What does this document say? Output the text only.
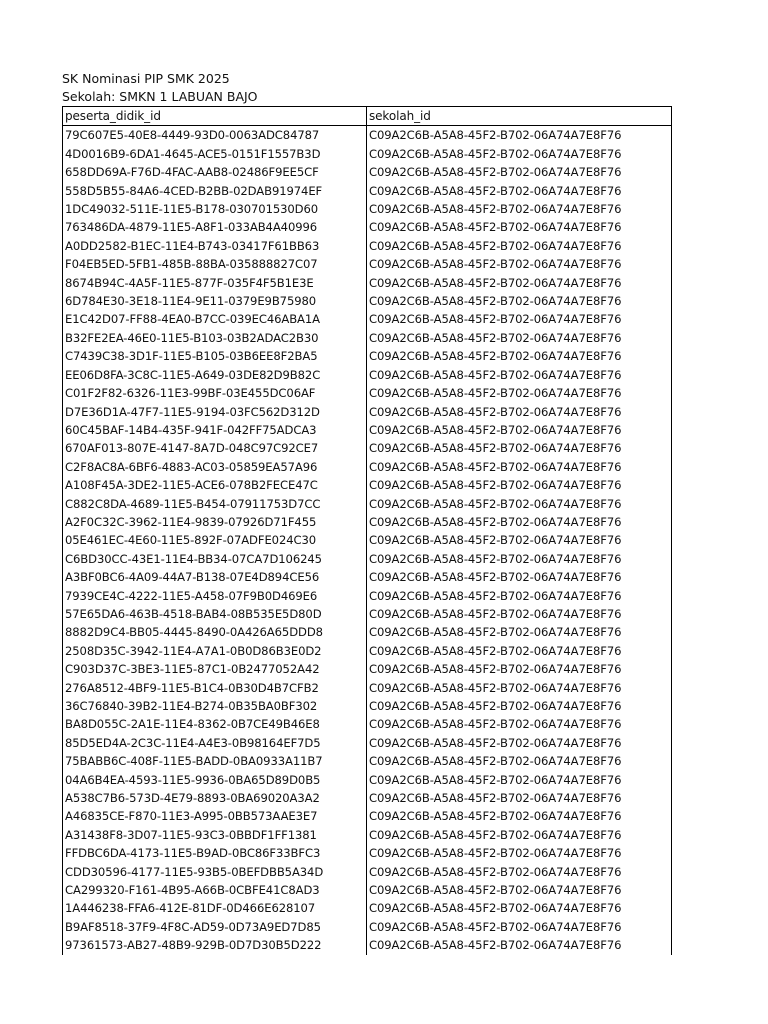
SK Nominasi PIP SMK 2025
Sekolah: SMKN 1 LABUAN BAJO
peserta_didik_id	sekolah_id
79C607E5-40E8-4449-93D0-0063ADC84787	C09A2C6B-A5A8-45F2-B702-06A74A7E8F76
4D0016B9-6DA1-4645-ACE5-0151F1557B3D	C09A2C6B-A5A8-45F2-B702-06A74A7E8F76
658DD69A-F76D-4FAC-AAB8-02486F9EE5CF	C09A2C6B-A5A8-45F2-B702-06A74A7E8F76
558D5B55-84A6-4CED-B2BB-02DAB91974EF	C09A2C6B-A5A8-45F2-B702-06A74A7E8F76
1DC49032-511E-11E5-B178-030701530D60	C09A2C6B-A5A8-45F2-B702-06A74A7E8F76
763486DA-4879-11E5-A8F1-033AB4A40996	C09A2C6B-A5A8-45F2-B702-06A74A7E8F76
A0DD2582-B1EC-11E4-B743-03417F61BB63	C09A2C6B-A5A8-45F2-B702-06A74A7E8F76
F04EB5ED-5FB1-485B-88BA-035888827C07	C09A2C6B-A5A8-45F2-B702-06A74A7E8F76
8674B94C-4A5F-11E5-877F-035F4F5B1E3E	C09A2C6B-A5A8-45F2-B702-06A74A7E8F76
6D784E30-3E18-11E4-9E11-0379E9B75980	C09A2C6B-A5A8-45F2-B702-06A74A7E8F76
E1C42D07-FF88-4EA0-B7CC-039EC46ABA1A	C09A2C6B-A5A8-45F2-B702-06A74A7E8F76
B32FE2EA-46E0-11E5-B103-03B2ADAC2B30	C09A2C6B-A5A8-45F2-B702-06A74A7E8F76
C7439C38-3D1F-11E5-B105-03B6EE8F2BA5	C09A2C6B-A5A8-45F2-B702-06A74A7E8F76
EE06D8FA-3C8C-11E5-A649-03DE82D9B82C	C09A2C6B-A5A8-45F2-B702-06A74A7E8F76
C01F2F82-6326-11E3-99BF-03E455DC06AF	C09A2C6B-A5A8-45F2-B702-06A74A7E8F76
D7E36D1A-47F7-11E5-9194-03FC562D312D	C09A2C6B-A5A8-45F2-B702-06A74A7E8F76
60C45BAF-14B4-435F-941F-042FF75ADCA3	C09A2C6B-A5A8-45F2-B702-06A74A7E8F76
670AF013-807E-4147-8A7D-048C97C92CE7	C09A2C6B-A5A8-45F2-B702-06A74A7E8F76
C2F8AC8A-6BF6-4883-AC03-05859EA57A96	C09A2C6B-A5A8-45F2-B702-06A74A7E8F76
A108F45A-3DE2-11E5-ACE6-078B2FECE47C	C09A2C6B-A5A8-45F2-B702-06A74A7E8F76
C882C8DA-4689-11E5-B454-07911753D7CC	C09A2C6B-A5A8-45F2-B702-06A74A7E8F76
A2F0C32C-3962-11E4-9839-07926D71F455	C09A2C6B-A5A8-45F2-B702-06A74A7E8F76
05E461EC-4E60-11E5-892F-07ADFE024C30	C09A2C6B-A5A8-45F2-B702-06A74A7E8F76
C6BD30CC-43E1-11E4-BB34-07CA7D106245	C09A2C6B-A5A8-45F2-B702-06A74A7E8F76
A3BF0BC6-4A09-44A7-B138-07E4D894CE56	C09A2C6B-A5A8-45F2-B702-06A74A7E8F76
7939CE4C-4222-11E5-A458-07F9B0D469E6	C09A2C6B-A5A8-45F2-B702-06A74A7E8F76
57E65DA6-463B-4518-BAB4-08B535E5D80D	C09A2C6B-A5A8-45F2-B702-06A74A7E8F76
8882D9C4-BB05-4445-8490-0A426A65DDD8	C09A2C6B-A5A8-45F2-B702-06A74A7E8F76
2508D35C-3942-11E4-A7A1-0B0D86B3E0D2	C09A2C6B-A5A8-45F2-B702-06A74A7E8F76
C903D37C-3BE3-11E5-87C1-0B2477052A42	C09A2C6B-A5A8-45F2-B702-06A74A7E8F76
276A8512-4BF9-11E5-B1C4-0B30D4B7CFB2	C09A2C6B-A5A8-45F2-B702-06A74A7E8F76
36C76840-39B2-11E4-B274-0B35BA0BF302	C09A2C6B-A5A8-45F2-B702-06A74A7E8F76
BA8D055C-2A1E-11E4-8362-0B7CE49B46E8	C09A2C6B-A5A8-45F2-B702-06A74A7E8F76
85D5ED4A-2C3C-11E4-A4E3-0B98164EF7D5	C09A2C6B-A5A8-45F2-B702-06A74A7E8F76
75BABB6C-408F-11E5-BADD-0BA0933A11B7	C09A2C6B-A5A8-45F2-B702-06A74A7E8F76
04A6B4EA-4593-11E5-9936-0BA65D89D0B5	C09A2C6B-A5A8-45F2-B702-06A74A7E8F76
A538C7B6-573D-4E79-8893-0BA69020A3A2	C09A2C6B-A5A8-45F2-B702-06A74A7E8F76
A46835CE-F870-11E3-A995-0BB573AAE3E7	C09A2C6B-A5A8-45F2-B702-06A74A7E8F76
A31438F8-3D07-11E5-93C3-0BBDF1FF1381	C09A2C6B-A5A8-45F2-B702-06A74A7E8F76
FFDBC6DA-4173-11E5-B9AD-0BC86F33BFC3	C09A2C6B-A5A8-45F2-B702-06A74A7E8F76
CDD30596-4177-11E5-93B5-0BEFDBB5A34D	C09A2C6B-A5A8-45F2-B702-06A74A7E8F76
CA299320-F161-4B95-A66B-0CBFE41C8AD3	C09A2C6B-A5A8-45F2-B702-06A74A7E8F76
1A446238-FFA6-412E-81DF-0D466E628107	C09A2C6B-A5A8-45F2-B702-06A74A7E8F76
B9AF8518-37F9-4F8C-AD59-0D73A9ED7D85	C09A2C6B-A5A8-45F2-B702-06A74A7E8F76
97361573-AB27-48B9-929B-0D7D30B5D222	C09A2C6B-A5A8-45F2-B702-06A74A7E8F76
